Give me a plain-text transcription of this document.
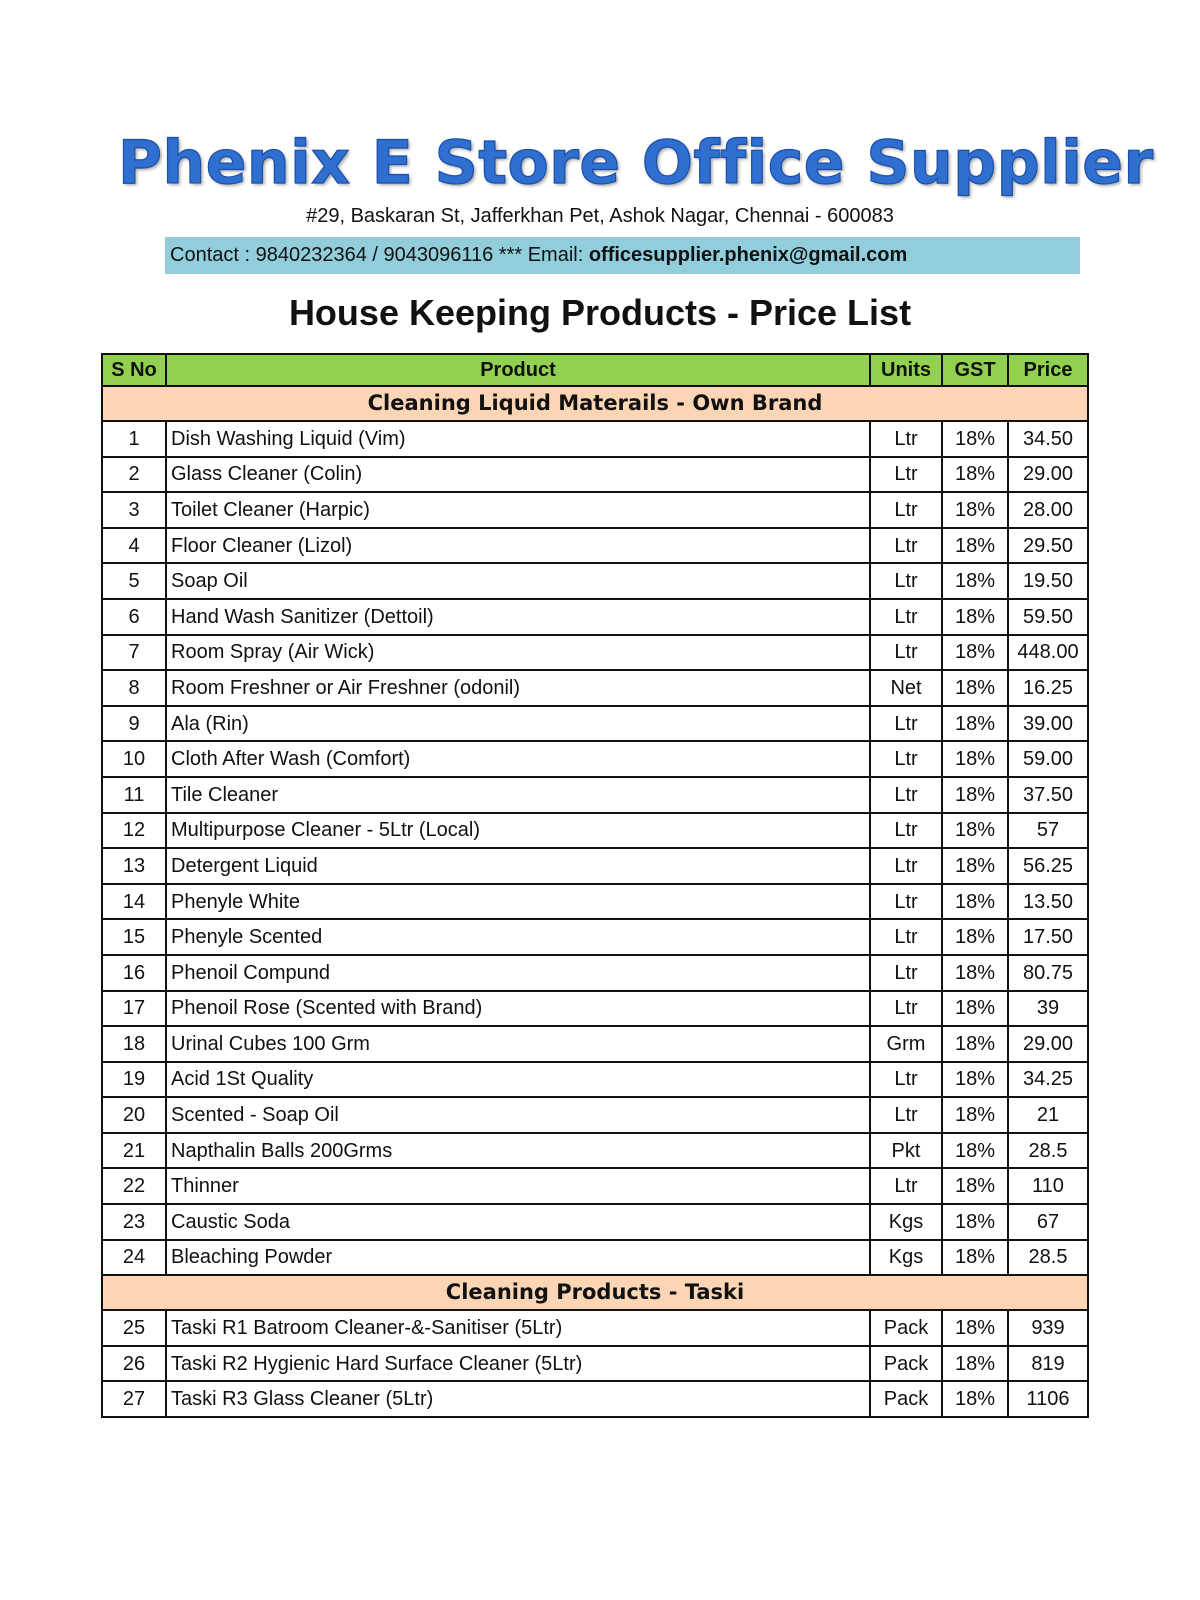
Phenix E Store Office Supplier
#29, Baskaran St, Jafferkhan Pet, Ashok Nagar, Chennai - 600083
Contact : 9840232364 / 9043096116 *** Email: officesupplier.phenix@gmail.com
House Keeping Products - Price List
S No	Product	Units	GST	Price
Cleaning Liquid Materails - Own Brand				
1	Dish Washing Liquid (Vim)	Ltr	18%	34.50
2	Glass Cleaner (Colin)	Ltr	18%	29.00
3	Toilet Cleaner (Harpic)	Ltr	18%	28.00
4	Floor Cleaner (Lizol)	Ltr	18%	29.50
5	Soap Oil	Ltr	18%	19.50
6	Hand Wash Sanitizer (Dettoil)	Ltr	18%	59.50
7	Room Spray (Air Wick)	Ltr	18%	448.00
8	Room Freshner or Air Freshner (odonil)	Net	18%	16.25
9	Ala (Rin)	Ltr	18%	39.00
10	Cloth After Wash (Comfort)	Ltr	18%	59.00
11	Tile Cleaner	Ltr	18%	37.50
12	Multipurpose Cleaner - 5Ltr (Local)	Ltr	18%	57
13	Detergent Liquid	Ltr	18%	56.25
14	Phenyle White	Ltr	18%	13.50
15	Phenyle Scented	Ltr	18%	17.50
16	Phenoil Compund	Ltr	18%	80.75
17	Phenoil Rose (Scented with Brand)	Ltr	18%	39
18	Urinal Cubes 100 Grm	Grm	18%	29.00
19	Acid 1St Quality	Ltr	18%	34.25
20	Scented - Soap Oil	Ltr	18%	21
21	Napthalin Balls 200Grms	Pkt	18%	28.5
22	Thinner	Ltr	18%	110
23	Caustic Soda	Kgs	18%	67
24	Bleaching Powder	Kgs	18%	28.5
Cleaning Products - Taski				
25	Taski R1 Batroom Cleaner-&-Sanitiser (5Ltr)	Pack	18%	939
26	Taski R2 Hygienic Hard Surface Cleaner (5Ltr)	Pack	18%	819
27	Taski R3 Glass Cleaner (5Ltr)	Pack	18%	1106
